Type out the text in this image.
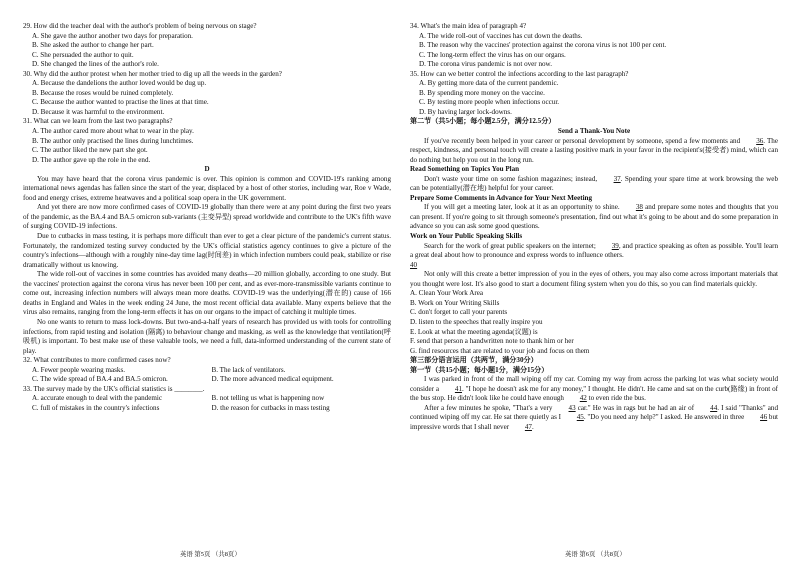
29. How did the teacher deal with the author's problem of being nervous on stage?

A. She gave the author another two days for preparation.

B. She asked the author to change her part.

C. She persuaded the author to quit.

D. She changed the lines of the author's role.

30. Why did the author protest when her mother tried to dig up all the weeds in the garden?

A. Because the dandelions the author loved would be dug up.

B. Because the roses would be ruined completely.

C. Because the author wanted to practise the lines at that time.

D. Because it was harmful to the environment.

31. What can we learn from the last two paragraphs?

A. The author cared more about what to wear in the play.

B. The author only practised the lines during lunchtimes.

C. The author liked the new part she got.

D. The author gave up the role in the end.

D

You may have heard that the corona virus pandemic is over. This opinion is common and COVID-19's ranking among international news agendas has fallen since the start of the year, displaced by a host of other stories, including war, Roe v Wade, food and energy crises, extreme heatwaves and a political soap opera in the UK government.

And yet there are now more confirmed cases of COVID-19 globally than there were at any point during the first two years of the pandemic, as the BA.4 and BA.5 omicron sub-variants (主变异型) spread worldwide and contribute to the UK's fifth wave of surging COVID-19 infections.

Due to cutbacks in mass testing, it is perhaps more difficult than ever to get a clear picture of the pandemic's current status. Fortunately, the randomized testing survey conducted by the UK's official statistics agency continues to give a picture of the country's infections—although with a roughly nine-day time lag(时间差) in which infection numbers could peak, stabilize or rise dramatically without us knowing.

The wide roll-out of vaccines in some countries has avoided many deaths—20 million globally, according to one study. But the vaccines' protection against the corona virus has never been 100 per cent, and as ever-more-transmissible variants continue to come out, increasing infection numbers will always mean more deaths. COVID-19 was the underlying(潜在的) cause of 166 deaths in England and Wales in the week ending 24 June, the most recent official data available. Many experts believe that the virus also remains, ranging from the long-term effects it has on our organs to the impact of catching it multiple times.

No one wants to return to mass lock-downs. But two-and-a-half years of research has provided us with tools for controlling infections, from rapid testing and isolation (隔离) to behaviour change and masking, as well as the knowledge that ventilation(呼吸机) is important. To best make use of these valuable tools, we need a full, data-informed understanding of the current state of play.

32. What contributes to more confirmed cases now?

A. Fewer people wearing masks.	B. The lack of ventilators.
C. The wide spread of BA.4 and BA.5 omicron.	D. The more advanced medical equipment.

33. The survey made by the UK's official statistics is ________.

A. accurate enough to deal with the pandemic	B. not telling us what is happening now
C. full of mistakes in the country's infections	D. the reason for cutbacks in mass testing
英语 第5页 （共8页）

34. What's the main idea of paragraph 4?

A. The wide roll-out of vaccines has cut down the deaths.

B. The reason why the vaccines' protection against the corona virus is not 100 per cent.

C. The long-term effect the virus has on our organs.

D. The corona virus pandemic is not over now.

35. How can we better control the infections according to the last paragraph?

A. By getting more data of the current pandemic.

B. By spending more money on the vaccine.

C. By testing more people when infections occur.

D. By having larger lock-downs.

第二节（共5小题；每小题2.5分，满分12.5分）

Send a Thank-You Note

If you've recently been helped in your career or personal development by someone, spend a few moments and 36. The respect, kindness, and personal touch will create a lasting positive mark in your favor in the recipient's(接受者) mind, which can do nothing but help you out in the long run.

Read Something on Topics You Plan

Don't waste your time on some fashion magazines; instead, 37. Spending your spare time at work browsing the web can be potentially(潜在地) helpful for your career.

Prepare Some Comments in Advance for Your Next Meeting

If you will get a meeting later, look at it as an opportunity to shine. 38 and prepare some notes and thoughts that you can present. If you're going to sit through someone's presentation, find out what it's going to be about and do some preparation in advance so you can ask some good questions.

Work on Your Public Speaking Skills

Search for the work of great public speakers on the internet; 39, and practice speaking as often as possible. You'll learn a great deal about how to pronounce and express words to influence others.

40

Not only will this create a better impression of you in the eyes of others, you may also come across important materials that you thought were lost. It's also good to start a document filing system when you do this, so you can find materials quickly.

A. Clean Your Work Area

B. Work on Your Writing Skills

C. don't forget to call your parents

D. listen to the speeches that really inspire you

E. Look at what the meeting agenda(议题) is

F. send that person a handwritten note to thank him or her

G. find resources that are related to your job and focus on them

第三部分语言运用（共两节，满分30分）

第一节（共15小题；每小题1分，满分15分）

I was parked in front of the mall wiping off my car. Coming my way from across the parking lot was what society would consider a 41. "I hope he doesn't ask me for any money," I thought. He didn't. He came and sat on the curb(路缘) in front of the bus stop. He didn't look like he could have enough 42 to even ride the bus.

After a few minutes he spoke, "That's a very 43 car." He was in rags but he had an air of 44. I said "Thanks" and continued wiping off my car. He sat there quietly as I 45. "Do you need any help?" I asked. He answered in three 46 but impressive words that I shall never 47.

英语 第6页 （共8页）
